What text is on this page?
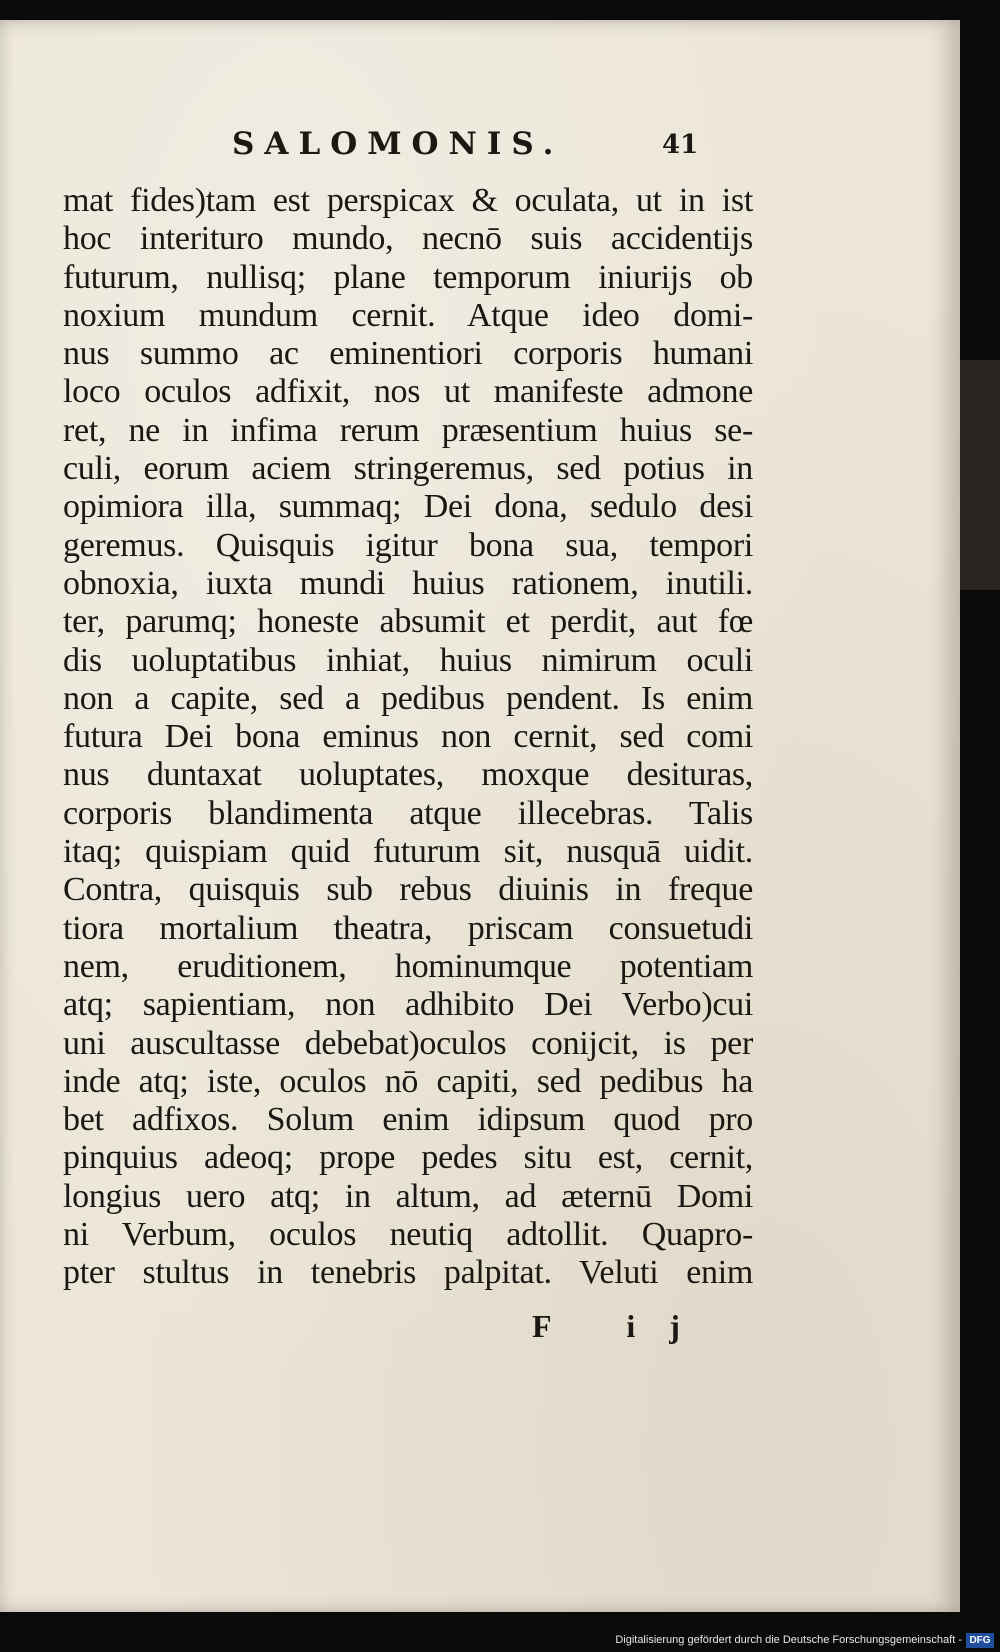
SALOMONIS.	41
mat fides)tam est perspicax & oculata, ut in ist
hoc interituro mundo, necnō suis accidentijs
futurum, nullisq; plane temporum iniurijs ob
noxium mundum cernit. Atque ideo domi-
nus summo ac eminentiori corporis humani
loco oculos adfixit, nos ut manifeste admone
ret, ne in infima rerum præsentium huius se-
culi, eorum aciem stringeremus, sed potius in
opimiora illa, summaq; Dei dona, sedulo desi
geremus. Quisquis igitur bona sua, tempori
obnoxia, iuxta mundi huius rationem, inutili.
ter, parumq; honeste absumit et perdit, aut fœ
dis uoluptatibus inhiat, huius nimirum oculi
non a capite, sed a pedibus pendent. Is enim
futura Dei bona eminus non cernit, sed comi
nus duntaxat uoluptates, moxque desituras,
corporis blandimenta atque illecebras. Talis
itaq; quispiam quid futurum sit, nusquā uidit.
Contra, quisquis sub rebus diuinis in freque
tiora mortalium theatra, priscam consuetudi
nem, eruditionem, hominumque potentiam
atq; sapientiam, non adhibito Dei Verbo)cui
uni auscultasse debebat)oculos conijcit, is per
inde atq; iste, oculos nō capiti, sed pedibus ha
bet adfixos. Solum enim idipsum quod pro
pinquius adeoq; prope pedes situ est, cernit,
longius uero atq; in altum, ad æternū Domi
ni Verbum, oculos neutiq adtollit. Quapro-
pter stultus in tenebris palpitat. Veluti enim
F ij
Digitalisierung gefördert durch die Deutsche Forschungsgemeinschaft - DFG
